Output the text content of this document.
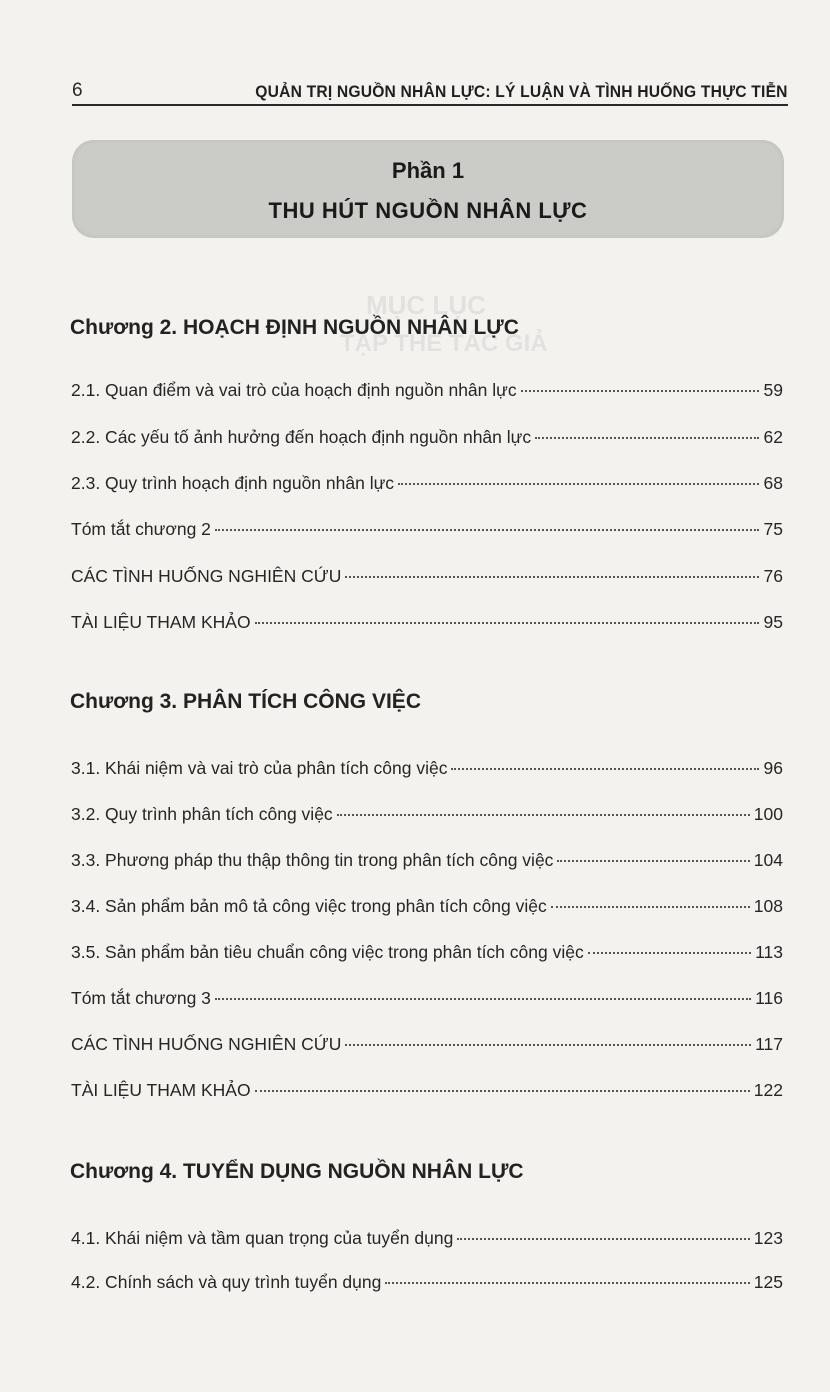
MỤC LỤC
TẬP THỂ TÁC GIẢ
6	QUẢN TRỊ NGUỒN NHÂN LỰC: LÝ LUẬN VÀ TÌNH HUỐNG THỰC TIỄN
Phần 1
THU HÚT NGUỒN NHÂN LỰC
Chương 2. HOẠCH ĐỊNH NGUỒN NHÂN LỰC
2.1. Quan điểm và vai trò của hoạch định nguồn nhân lực	59
2.2. Các yếu tố ảnh hưởng đến hoạch định nguồn nhân lực	62
2.3. Quy trình hoạch định nguồn nhân lực	68
Tóm tắt chương 2	75
CÁC TÌNH HUỐNG NGHIÊN CỨU	76
TÀI LIỆU THAM KHẢO	95
Chương 3. PHÂN TÍCH CÔNG VIỆC
3.1. Khái niệm và vai trò của phân tích công việc	96
3.2. Quy trình phân tích công việc	100
3.3. Phương pháp thu thập thông tin trong phân tích công việc	104
3.4. Sản phẩm bản mô tả công việc trong phân tích công việc	108
3.5. Sản phẩm bản tiêu chuẩn công việc trong phân tích công việc	113
Tóm tắt chương 3	116
CÁC TÌNH HUỐNG NGHIÊN CỨU	117
TÀI LIỆU THAM KHẢO	122
Chương 4. TUYỂN DỤNG NGUỒN NHÂN LỰC
4.1. Khái niệm và tầm quan trọng của tuyển dụng	123
4.2. Chính sách và quy trình tuyển dụng	125
